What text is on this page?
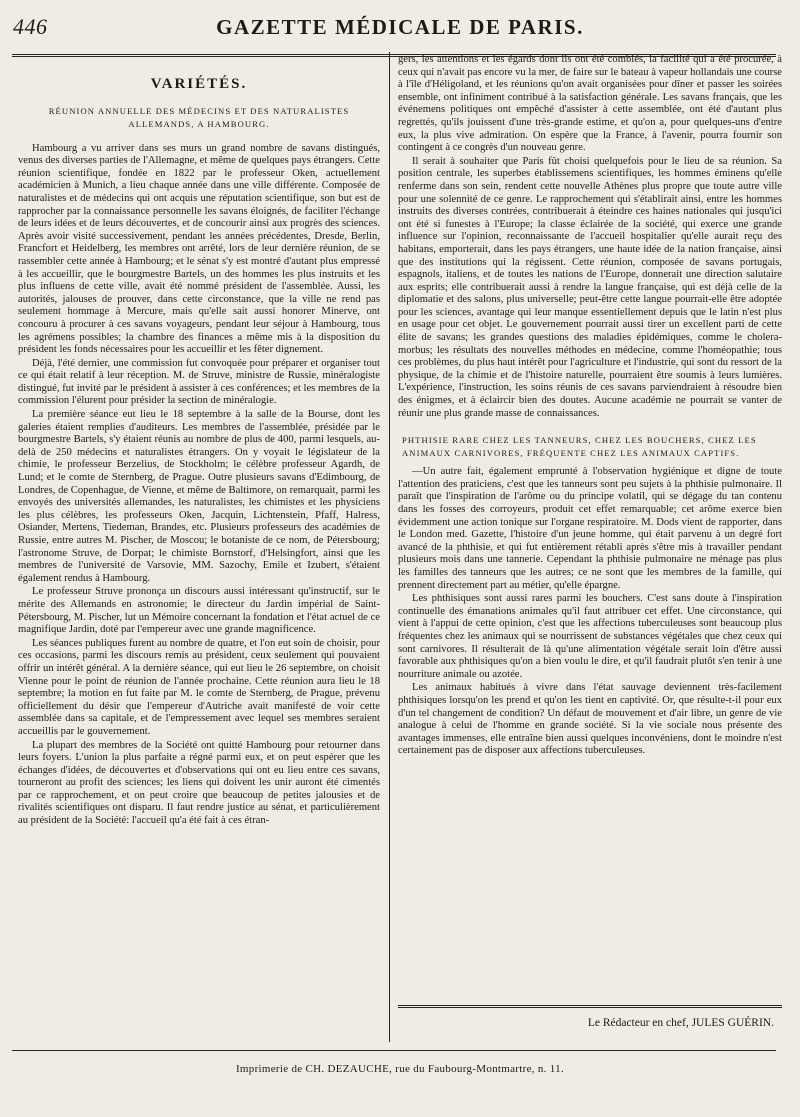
446	GAZETTE MÉDICALE DE PARIS.
VARIÉTÉS.
RÉUNION ANNUELLE DES MÉDECINS ET DES NATURALISTES ALLEMANDS, A HAMBOURG.

Hambourg a vu arriver dans ses murs un grand nombre de savans distingués, venus des diverses parties de l'Allemagne, et même de quelques pays étrangers. Cette réunion scientifique, fondée en 1822 par le professeur Oken, actuellement académicien à Munich, a lieu chaque année dans une ville différente. Composée de naturalistes et de médecins qui ont acquis une réputation scientifique, son but est de rapprocher par la connaissance personnelle les savans éloignés, de faciliter l'échange de leurs idées et de leurs découvertes, et de concourir ainsi aux progrès des sciences. Après avoir visité successivement, pendant les années précédentes, Dresde, Berlin, Francfort et Heidelberg, les membres ont arrêté, lors de leur dernière réunion, de se rassembler cette année à Hambourg; et le sénat s'y est montré d'autant plus empressé à les accueillir, que le bourgmestre Bartels, un des hommes les plus instruits et les plus influens de cette ville, avait été nommé président de l'assemblée. Aussi, les autorités, jalouses de prouver, dans cette circonstance, que la ville ne rend pas seulement hommage à Mercure, mais qu'elle sait aussi honorer Minerve, ont concouru à procurer à ces savans voyageurs, pendant leur séjour à Hambourg, tous les agrémens possibles; la chambre des finances a même mis à la disposition du président les fonds nécessaires pour les accueillir et les fêter dignement.

Déjà, l'été dernier, une commission fut convoquée pour préparer et organiser tout ce qui était relatif à leur réception. M. de Struve, ministre de Russie, minéralogiste distingué, fut invité par le président à assister à ces conférences; et les membres de la commission l'élurent pour présider la section de minéralogie.

La première séance eut lieu le 18 septembre à la salle de la Bourse, dont les galeries étaient remplies d'auditeurs. Les membres de l'assemblée, présidée par le bourgmestre Bartels, s'y étaient réunis au nombre de plus de 400, parmi lesquels, au-delà de 250 médecins et naturalistes étrangers. On y voyait le législateur de la chimie, le professeur Berzelius, de Stockholm; le célèbre professeur Agardh, de Lund; et le comte de Sternberg, de Prague. Outre plusieurs savans d'Edimbourg, de Londres, de Copenhague, de Vienne, et même de Baltimore, on remarquait, parmi les envoyés des universités allemandes, les naturalistes, les chimistes et les physiciens les plus célèbres, les professeurs Oken, Jacquin, Lichtenstein, Pfaff, Halress, Osiander, Mertens, Tiedeman, Brandes, etc. Plusieurs professeurs des académies de Russie, entre autres M. Pischer, de Moscou; le botaniste de ce nom, de Pétersbourg; l'astronome Struve, de Dorpat; le chimiste Bornstorf, d'Helsingfort, ainsi que les membres de l'université de Varsovie, MM. Sazochy, Emile et Izubert, s'étaient également rendus à Hambourg.

Le professeur Struve prononça un discours aussi intéressant qu'instructif, sur le mérite des Allemands en astronomie; le directeur du Jardin impérial de Saint-Pétersbourg, M. Pischer, lut un Mémoire concernant la fondation et l'état actuel de ce magnifique Jardin, doté par l'empereur avec une grande magnificence.

Les séances publiques furent au nombre de quatre, et l'on eut soin de choisir, pour ces occasions, parmi les discours remis au président, ceux seulement qui pouvaient offrir un intérêt général. A la dernière séance, qui eut lieu le 26 septembre, on choisit Vienne pour le point de réunion de l'année prochaine. Cette réunion aura lieu le 18 septembre; la motion en fut faite par M. le comte de Sternberg, de Prague, prévenu officiellement du désir que l'empereur d'Autriche avait manifesté de voir cette assemblée dans sa capitale, et de l'empressement avec lequel ses membres seraient accueillis par le gouvernement.

La plupart des membres de la Société ont quitté Hambourg pour retourner dans leurs foyers. L'union la plus parfaite a régné parmi eux, et on peut espérer que les échanges d'idées, de découvertes et d'observations qui ont eu lieu entre ces savans, tourneront au profit des sciences; les liens qui doivent les unir auront été cimentés par ce rapprochement, et on peut croire que beaucoup de petites jalousies et de rivalités scientifiques ont disparu. Il faut rendre justice au sénat, et particulièrement au président de la Société: l'accueil qu'a été fait à ces étran-

gers, les attentions et les égards dont ils ont été comblés, la facilité qui a été procurée, à ceux qui n'avait pas encore vu la mer, de faire sur le bateau à vapeur hollandais une course à l'île d'Héligoland, et les réunions qu'on avait organisées pour dîner et passer les soirées ensemble, ont infiniment contribué à la satisfaction générale. Les savans français, que les événemens politiques ont empêché d'assister à cette assemblée, ont été d'autant plus regrettés, qu'ils jouissent d'une très-grande estime, et qu'on a, pour quelques-uns d'entre eux, la plus vive admiration. On espère que la France, à l'avenir, pourra fournir son contingent à ce congrès d'un nouveau genre.

Il serait à souhaiter que Paris fût choisi quelquefois pour le lieu de sa réunion. Sa position centrale, les superbes établissemens scientifiques, les hommes éminens qu'elle renferme dans son sein, rendent cette nouvelle Athènes plus propre que toute autre ville pour une solennité de ce genre. Le rapprochement qui s'établirait ainsi, entre les hommes instruits des diverses contrées, contribuerait à éteindre ces haines nationales qui jusqu'ici ont été si funestes à l'Europe; la classe éclairée de la société, qui exerce une grande influence sur l'opinion, reconnaissante de l'accueil hospitalier qu'elle aurait reçu des habitans, emporterait, dans les pays étrangers, une haute idée de la nation française, ainsi que des institutions qui la régissent. Cette réunion, composée de savans portugais, espagnols, italiens, et de toutes les nations de l'Europe, donnerait une direction salutaire aux esprits; elle contribuerait aussi à rendre la langue française, qui est déjà celle de la diplomatie et des salons, plus universelle; peut-être cette langue pourrait-elle être adoptée pour les sciences, avantage qui leur manque essentiellement depuis que le latin n'est plus en usage pour cet objet. Le gouvernement pourrait aussi tirer un excellent parti de cette élite de savans; les grandes questions des maladies épidémiques, comme le cholera-morbus; les résultats des nouvelles méthodes en médecine, comme l'homéopathie; tous ces problèmes, du plus haut intérêt pour l'agriculture et l'industrie, qui sont du ressort de la physique, de la chimie et de l'histoire naturelle, pourraient être soumis à leurs lumières. L'expérience, l'instruction, les soins réunis de ces savans parviendraient à résoudre bien des énigmes, et à éclaircir bien des doutes. Aucune académie ne pourrait se vanter de réunir une plus grande masse de connaissances.

PHTHISIE RARE CHEZ LES TANNEURS, CHEZ LES BOUCHERS, CHEZ LES ANIMAUX CARNIVORES, FRÉQUENTE CHEZ LES ANIMAUX CAPTIFS.

—Un autre fait, également emprunté à l'observation hygiénique et digne de toute l'attention des praticiens, c'est que les tanneurs sont peu sujets à la phthisie pulmonaire. Il paraît que l'inspiration de l'arôme ou du principe volatil, qui se dégage du tan contenu dans les fosses des corroyeurs, produit cet effet remarquable; cet arôme exerce bien évidemment une action tonique sur l'organe respiratoire. M. Dods vient de rapporter, dans le London med. Gazette, l'histoire d'un jeune homme, qui était parvenu à un degré fort avancé de la phthisie, et qui fut entièrement rétabli après s'être mis à travailler pendant plusieurs mois dans une tannerie. Cependant la phthisie pulmonaire ne ménage pas plus les familles des tanneurs que les autres; ce ne sont que les membres de la famille, qui prennent directement part au métier, qu'elle épargne.

Les phthisiques sont aussi rares parmi les bouchers. C'est sans doute à l'inspiration continuelle des émanations animales qu'il faut attribuer cet effet. Une circonstance, qui vient à l'appui de cette opinion, c'est que les affections tuberculeuses sont beaucoup plus fréquentes chez les animaux qui se nourrissent de substances végétales que chez ceux qui sont carnivores. Il résulterait de là qu'une alimentation végétale serait loin d'être aussi favorable aux phthisiques qu'on a bien voulu le dire, et qu'il faudrait plutôt s'en tenir à une nourriture animale ou azotée.

Les animaux habitués à vivre dans l'état sauvage deviennent très-facilement phthisiques lorsqu'on les prend et qu'on les tient en captivité. Or, que résulte-t-il pour eux d'un tel changement de condition? Un défaut de mouvement et d'air libre, un genre de vie analogue à celui de l'homme en grande société. Si la vie sociale nous présente des avantages immenses, elle entraîne bien aussi quelques inconvéniens, dont le moindre n'est certainement pas de disposer aux affections tuberculeuses.

Le Rédacteur en chef, JULES GUÉRIN.
Imprimerie de CH. DEZAUCHE, rue du Faubourg-Montmartre, n. 11.
